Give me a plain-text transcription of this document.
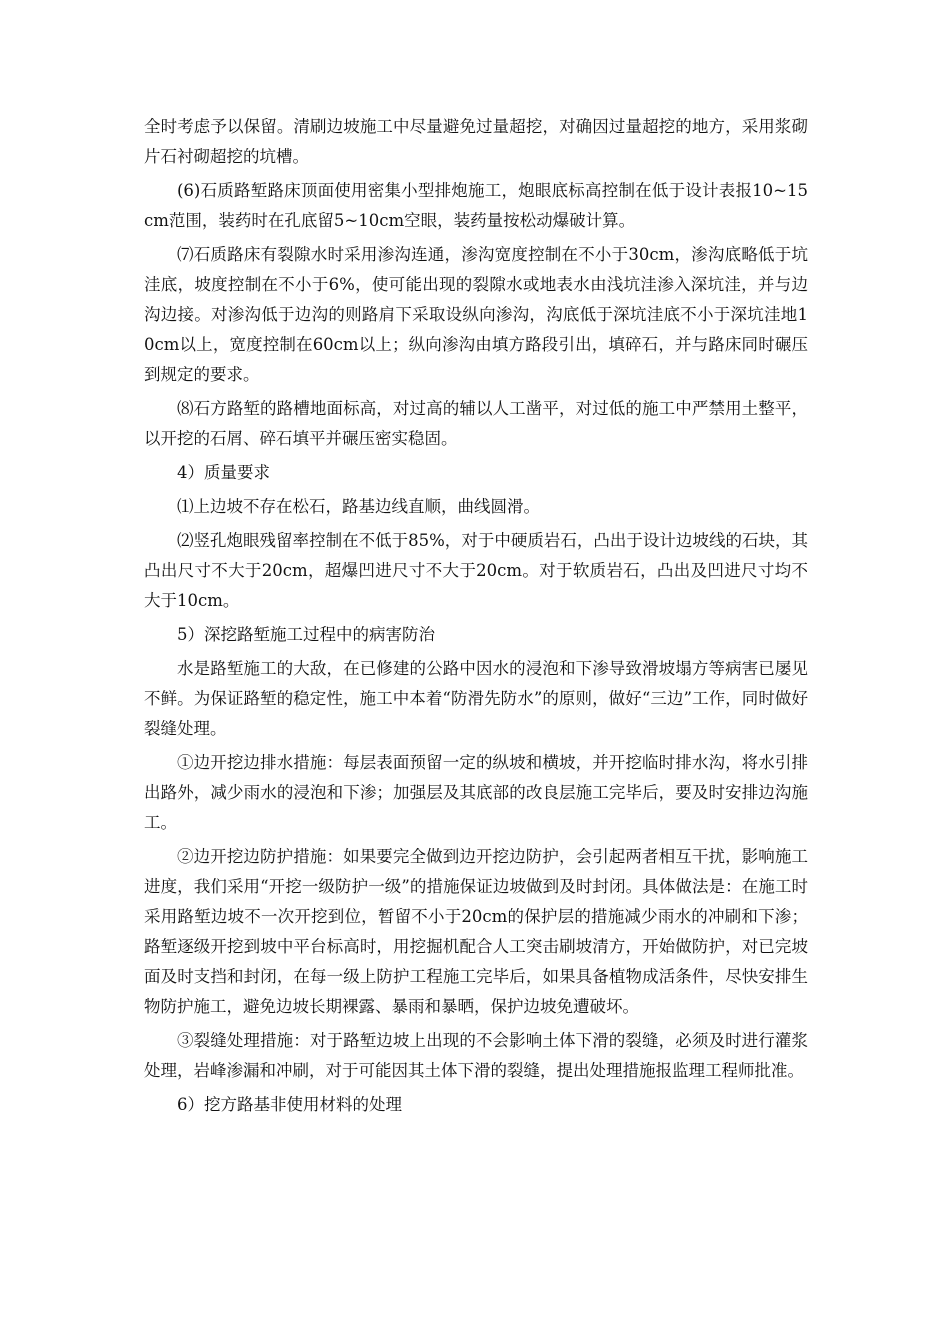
全时考虑予以保留。清刷边坡施工中尽量避免过量超挖，对确因过量超挖的地方，采用浆砌片石衬砌超挖的坑槽。

(6)石质路堑路床顶面使用密集小型排炮施工，炮眼底标高控制在低于设计表报10~15cm范围，装药时在孔底留5~10cm空眼，装药量按松动爆破计算。

⑺石质路床有裂隙水时采用渗沟连通，渗沟宽度控制在不小于30cm，渗沟底略低于坑洼底，坡度控制在不小于6%，使可能出现的裂隙水或地表水由浅坑洼渗入深坑洼，并与边沟边接。对渗沟低于边沟的则路肩下采取设纵向渗沟，沟底低于深坑洼底不小于深坑洼地10cm以上，宽度控制在60cm以上；纵向渗沟由填方路段引出，填碎石，并与路床同时碾压到规定的要求。

⑻石方路堑的路槽地面标高，对过高的辅以人工凿平，对过低的施工中严禁用土整平，以开挖的石屑、碎石填平并碾压密实稳固。

4）质量要求

⑴上边坡不存在松石，路基边线直顺，曲线圆滑。

⑵竖孔炮眼残留率控制在不低于85%，对于中硬质岩石，凸出于设计边坡线的石块，其凸出尺寸不大于20cm，超爆凹进尺寸不大于20cm。对于软质岩石，凸出及凹进尺寸均不大于10cm。

5）深挖路堑施工过程中的病害防治

水是路堑施工的大敌，在已修建的公路中因水的浸泡和下渗导致滑坡塌方等病害已屡见不鲜。为保证路堑的稳定性，施工中本着“防滑先防水”的原则，做好“三边”工作，同时做好裂缝处理。

①边开挖边排水措施：每层表面预留一定的纵坡和横坡，并开挖临时排水沟，将水引排出路外，减少雨水的浸泡和下渗；加强层及其底部的改良层施工完毕后，要及时安排边沟施工。

②边开挖边防护措施：如果要完全做到边开挖边防护，会引起两者相互干扰，影响施工进度，我们采用“开挖一级防护一级”的措施保证边坡做到及时封闭。具体做法是：在施工时采用路堑边坡不一次开挖到位，暂留不小于20cm的保护层的措施减少雨水的冲刷和下渗；路堑逐级开挖到坡中平台标高时，用挖掘机配合人工突击刷坡清方，开始做防护，对已完坡面及时支挡和封闭，在每一级上防护工程施工完毕后，如果具备植物成活条件，尽快安排生物防护施工，避免边坡长期裸露、暴雨和暴晒，保护边坡免遭破坏。

③裂缝处理措施：对于路堑边坡上出现的不会影响土体下滑的裂缝，必须及时进行灌浆处理，岩峰渗漏和冲刷，对于可能因其土体下滑的裂缝，提出处理措施报监理工程师批准。

6）挖方路基非使用材料的处理
